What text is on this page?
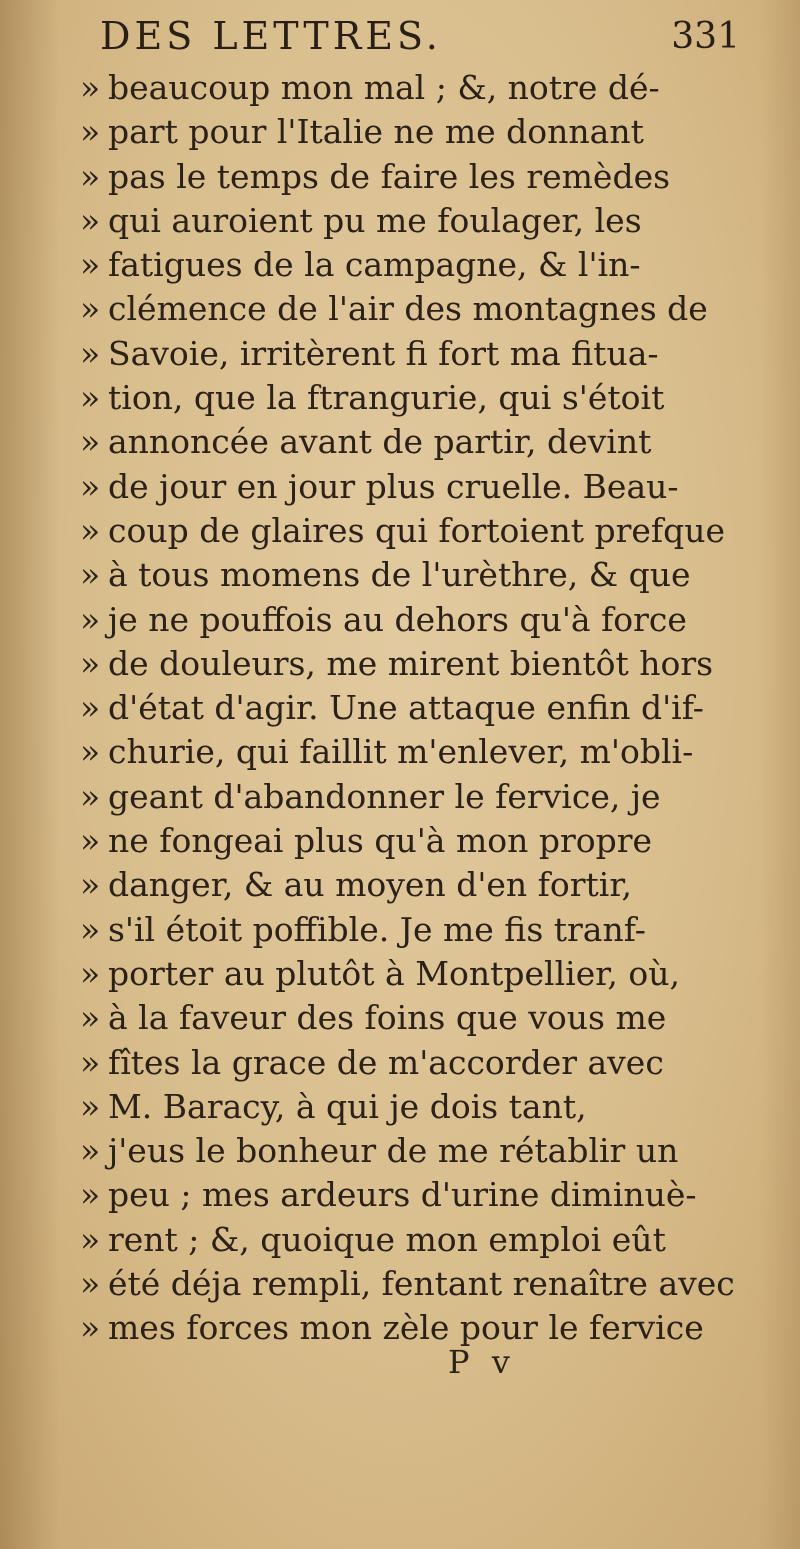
DES LETTRES.	331
» beaucoup mon mal ; &, notre dé-
» part pour l'Italie ne me donnant
» pas le temps de faire les remèdes
» qui auroient pu me foulager, les
» fatigues de la campagne, & l'in-
» clémence de l'air des montagnes de
» Savoie, irritèrent fi fort ma fitua-
» tion, que la ftrangurie, qui s'étoit
» annoncée avant de partir, devint
» de jour en jour plus cruelle. Beau-
» coup de glaires qui fortoient prefque
» à tous momens de l'urèthre, & que
» je ne pouffois au dehors qu'à force
» de douleurs, me mirent bientôt hors
» d'état d'agir. Une attaque enfin d'if-
» churie, qui faillit m'enlever, m'obli-
» geant d'abandonner le fervice, je
» ne fongeai plus qu'à mon propre
» danger, & au moyen d'en fortir,
» s'il étoit poffible. Je me fis tranf-
» porter au plutôt à Montpellier, où,
» à la faveur des foins que vous me
» fîtes la grace de m'accorder avec
» M. Baracy, à qui je dois tant,
» j'eus le bonheur de me rétablir un
» peu ; mes ardeurs d'urine diminuè-
» rent ; &, quoique mon emploi eût
» été déja rempli, fentant renaître avec
» mes forces mon zèle pour le fervice
P v
